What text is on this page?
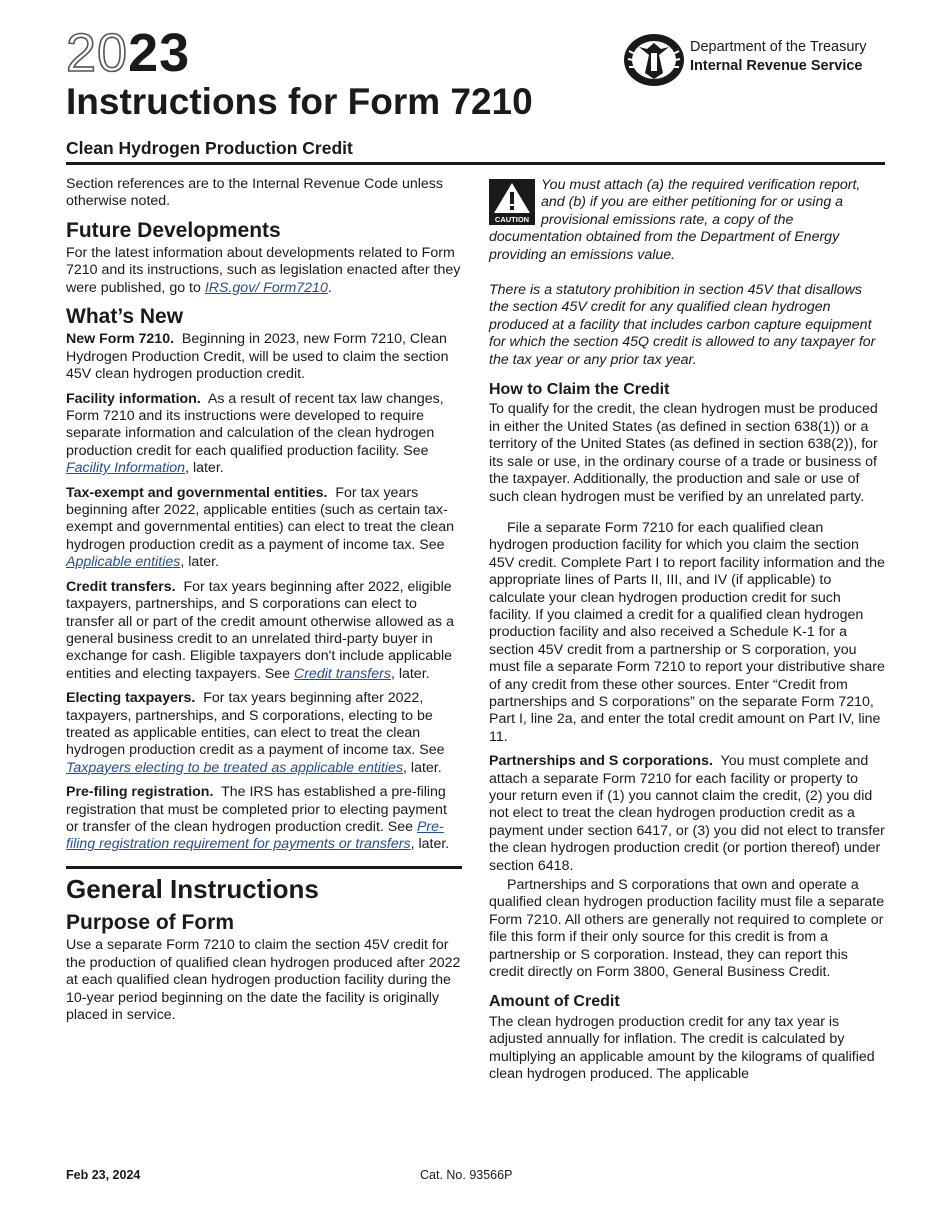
2023
Instructions for Form 7210
Clean Hydrogen Production Credit
Department of the Treasury
Internal Revenue Service

Section references are to the Internal Revenue Code unless otherwise noted.

Future Developments

For the latest information about developments related to Form 7210 and its instructions, such as legislation enacted after they were published, go to IRS.gov/ Form7210.

What’s New

New Form 7210. Beginning in 2023, new Form 7210, Clean Hydrogen Production Credit, will be used to claim the section 45V clean hydrogen production credit.

Facility information. As a result of recent tax law changes, Form 7210 and its instructions were developed to require separate information and calculation of the clean hydrogen production credit for each qualified production facility. See Facility Information, later.

Tax-exempt and governmental entities. For tax years beginning after 2022, applicable entities (such as certain tax-exempt and governmental entities) can elect to treat the clean hydrogen production credit as a payment of income tax. See Applicable entities, later.

Credit transfers. For tax years beginning after 2022, eligible taxpayers, partnerships, and S corporations can elect to transfer all or part of the credit amount otherwise allowed as a general business credit to an unrelated third-party buyer in exchange for cash. Eligible taxpayers don't include applicable entities and electing taxpayers. See Credit transfers, later.

Electing taxpayers. For tax years beginning after 2022, taxpayers, partnerships, and S corporations, electing to be treated as applicable entities, can elect to treat the clean hydrogen production credit as a payment of income tax. See Taxpayers electing to be treated as applicable entities, later.

Pre-filing registration. The IRS has established a pre-filing registration that must be completed prior to electing payment or transfer of the clean hydrogen production credit. See Pre-filing registration requirement for payments or transfers, later.

General Instructions
Purpose of Form

Use a separate Form 7210 to claim the section 45V credit for the production of qualified clean hydrogen produced after 2022 at each qualified clean hydrogen production facility during the 10-year period beginning on the date the facility is originally placed in service.

CAUTION

You must attach (a) the required verification report, and (b) if you are either petitioning for or using a provisional emissions rate, a copy of the documentation obtained from the Department of Energy providing an emissions value.

There is a statutory prohibition in section 45V that disallows the section 45V credit for any qualified clean hydrogen produced at a facility that includes carbon capture equipment for which the section 45Q credit is allowed to any taxpayer for the tax year or any prior tax year.

How to Claim the Credit

To qualify for the credit, the clean hydrogen must be produced in either the United States (as defined in section 638(1)) or a territory of the United States (as defined in section 638(2)), for its sale or use, in the ordinary course of a trade or business of the taxpayer. Additionally, the production and sale or use of such clean hydrogen must be verified by an unrelated party.

File a separate Form 7210 for each qualified clean hydrogen production facility for which you claim the section 45V credit. Complete Part I to report facility information and the appropriate lines of Parts II, III, and IV (if applicable) to calculate your clean hydrogen production credit for such facility. If you claimed a credit for a qualified clean hydrogen production facility and also received a Schedule K-1 for a section 45V credit from a partnership or S corporation, you must file a separate Form 7210 to report your distributive share of any credit from these other sources. Enter “Credit from partnerships and S corporations” on the separate Form 7210, Part I, line 2a, and enter the total credit amount on Part IV, line 11.

Partnerships and S corporations. You must complete and attach a separate Form 7210 for each facility or property to your return even if (1) you cannot claim the credit, (2) you did not elect to treat the clean hydrogen production credit as a payment under section 6417, or (3) you did not elect to transfer the clean hydrogen production credit (or portion thereof) under section 6418.

Partnerships and S corporations that own and operate a qualified clean hydrogen production facility must file a separate Form 7210. All others are generally not required to complete or file this form if their only source for this credit is from a partnership or S corporation. Instead, they can report this credit directly on Form 3800, General Business Credit.

Amount of Credit

The clean hydrogen production credit for any tax year is adjusted annually for inflation. The credit is calculated by multiplying an applicable amount by the kilograms of qualified clean hydrogen produced. The applicable

Feb 23, 2024	Cat. No. 93566P
